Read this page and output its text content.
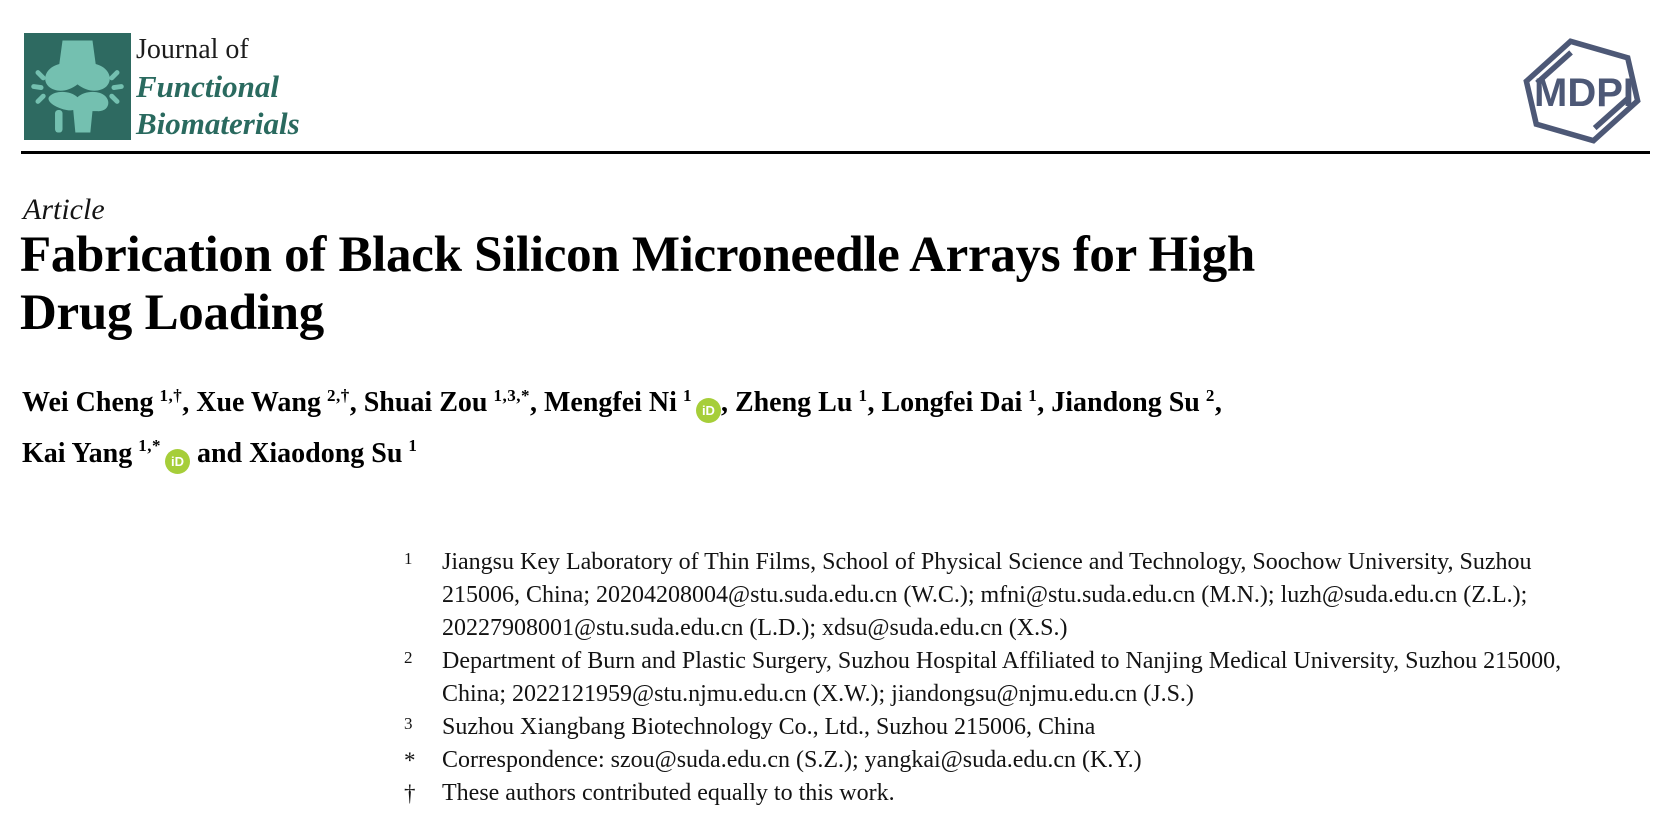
Journal of
Functional
Biomaterials
MDPI
Article
Fabrication of Black Silicon Microneedle Arrays for High
Drug Loading
Wei Cheng $^{1,\dagger}$, Xue Wang $^{2,\dagger}$, Shuai Zou $^{1,3,*}$, Mengfei Ni $^1$iD , Zheng Lu $^1$, Longfei Dai $^1$, Jiandong Su $^2$,
Kai Yang $^{1,*}$iD and Xiaodong Su $^1$
1	Jiangsu Key Laboratory of Thin Films, School of Physical Science and Technology, Soochow University, Suzhou 215006, China; 20204208004@stu.suda.edu.cn (W.C.); mfni@stu.suda.edu.cn (M.N.); luzh@suda.edu.cn (Z.L.); 20227908001@stu.suda.edu.cn (L.D.); xdsu@suda.edu.cn (X.S.)
2	Department of Burn and Plastic Surgery, Suzhou Hospital Affiliated to Nanjing Medical University, Suzhou 215000, China; 2022121959@stu.njmu.edu.cn (X.W.); jiandongsu@njmu.edu.cn (J.S.)
3	Suzhou Xiangbang Biotechnology Co., Ltd., Suzhou 215006, China
*	Correspondence: szou@suda.edu.cn (S.Z.); yangkai@suda.edu.cn (K.Y.)
†	These authors contributed equally to this work.
